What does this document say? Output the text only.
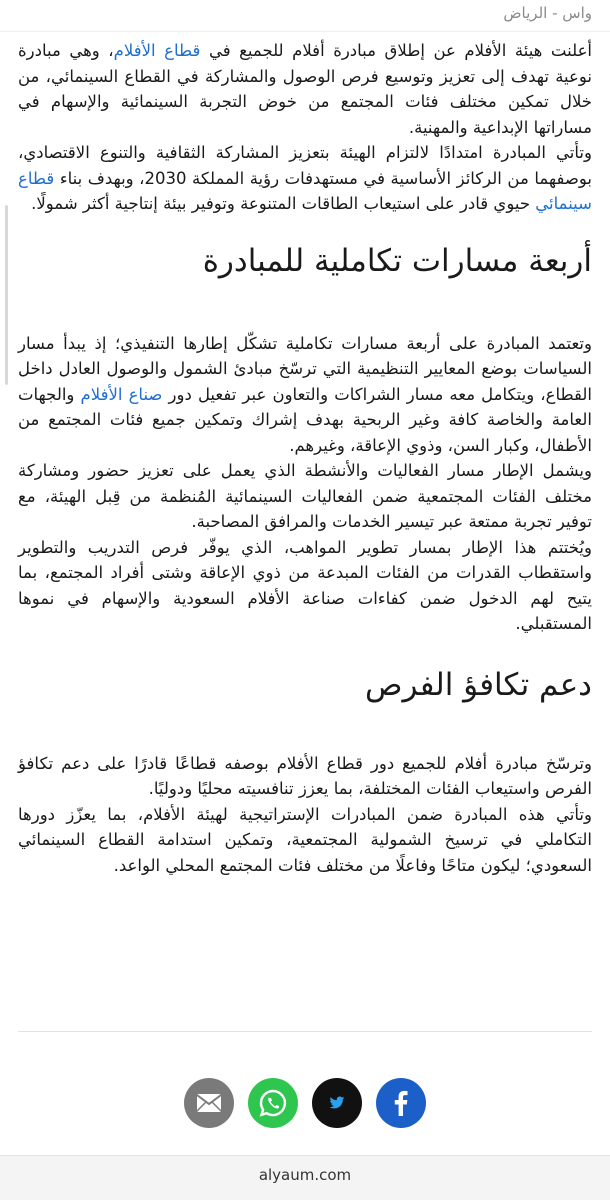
واس - الرياض

أعلنت هيئة الأفلام عن إطلاق مبادرة أفلام للجميع في قطاع الأفلام، وهي مبادرة نوعية تهدف إلى تعزيز وتوسيع فرص الوصول والمشاركة في القطاع السينمائي، من خلال تمكين مختلف فئات المجتمع من خوض التجربة السينمائية والإسهام في مساراتها الإبداعية والمهنية.

وتأتي المبادرة امتدادًا لالتزام الهيئة بتعزيز المشاركة الثقافية والتنوع الاقتصادي، بوصفهما من الركائز الأساسية في مستهدفات رؤية المملكة 2030، وبهدف بناء قطاع سينمائي حيوي قادر على استيعاب الطاقات المتنوعة وتوفير بيئة إنتاجية أكثر شمولًا.

أربعة مسارات تكاملية للمبادرة

وتعتمد المبادرة على أربعة مسارات تكاملية تشكّل إطارها التنفيذي؛ إذ يبدأ مسار السياسات بوضع المعايير التنظيمية التي ترسّخ مبادئ الشمول والوصول العادل داخل القطاع، ويتكامل معه مسار الشراكات والتعاون عبر تفعيل دور صناع الأفلام والجهات العامة والخاصة كافة وغير الربحية بهدف إشراك وتمكين جميع فئات المجتمع من الأطفال، وكبار السن، وذوي الإعاقة، وغيرهم.

ويشمل الإطار مسار الفعاليات والأنشطة الذي يعمل على تعزيز حضور ومشاركة مختلف الفئات المجتمعية ضمن الفعاليات السينمائية المُنظمة من قِبل الهيئة، مع توفير تجربة ممتعة عبر تيسير الخدمات والمرافق المصاحبة.

ويُختتم هذا الإطار بمسار تطوير المواهب، الذي يوفّر فرص التدريب والتطوير واستقطاب القدرات من الفئات المبدعة من ذوي الإعاقة وشتى أفراد المجتمع، بما يتيح لهم الدخول ضمن كفاءات صناعة الأفلام السعودية والإسهام في نموها المستقبلي.

دعم تكافؤ الفرص

وترسّخ مبادرة أفلام للجميع دور قطاع الأفلام بوصفه قطاعًا قادرًا على دعم تكافؤ الفرص واستيعاب الفئات المختلفة، بما يعزز تنافسيته محليًا ودوليًا.

وتأتي هذه المبادرة ضمن المبادرات الإستراتيجية لهيئة الأفلام، بما يعزّز دورها التكاملي في ترسيخ الشمولية المجتمعية، وتمكين استدامة القطاع السينمائي السعودي؛ ليكون متاحًا وفاعلًا من مختلف فئات المجتمع المحلي الواعد.

alyaum.com
